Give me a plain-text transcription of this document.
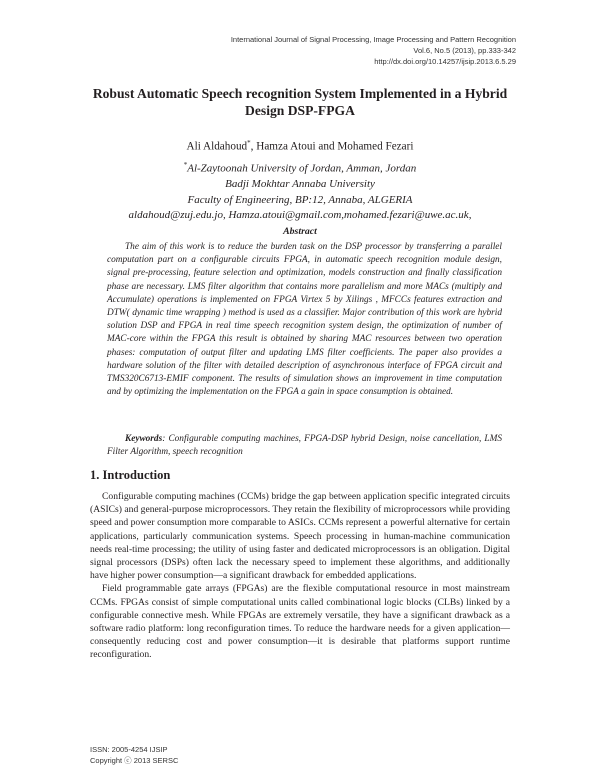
International Journal of Signal Processing, Image Processing and Pattern Recognition
Vol.6, No.5 (2013), pp.333-342
http://dx.doi.org/10.14257/ijsip.2013.6.5.29
Robust Automatic Speech recognition System Implemented in a Hybrid Design DSP-FPGA
Ali Aldahoud*, Hamza Atoui and Mohamed Fezari
*Al-Zaytoonah University of Jordan, Amman, Jordan
Badji Mokhtar Annaba University
Faculty of Engineering, BP:12, Annaba, ALGERIA
aldahoud@zuj.edu.jo, Hamza.atoui@gmail.com,mohamed.fezari@uwe.ac.uk,
Abstract

The aim of this work is to reduce the burden task on the DSP processor by transferring a parallel computation part on a configurable circuits FPGA, in automatic speech recognition module design, signal pre-processing, feature selection and optimization, models construction and finally classification phase are necessary. LMS filter algorithm that contains more parallelism and more MACs (multiply and Accumulate) operations is implemented on FPGA Virtex 5 by Xilings , MFCCs features extraction and DTW( dynamic time wrapping ) method is used as a classifier. Major contribution of this work are hybrid solution DSP and FPGA in real time speech recognition system design, the optimization of number of MAC-core within the FPGA this result is obtained by sharing MAC resources between two operation phases: computation of output filter and updating LMS filter coefficients. The paper also provides a hardware solution of the filter with detailed description of asynchronous interface of FPGA circuit and TMS320C6713-EMIF component. The results of simulation shows an improvement in time computation and by optimizing the implementation on the FPGA a gain in space consumption is obtained.

Keywords: Configurable computing machines, FPGA-DSP hybrid Design, noise cancellation, LMS Filter Algorithm, speech recognition

1. Introduction

Configurable computing machines (CCMs) bridge the gap between application specific integrated circuits (ASICs) and general-purpose microprocessors. They retain the flexibility of microprocessors while providing speed and power consumption more comparable to ASICs. CCMs represent a powerful alternative for certain applications, particularly communication systems. Speech processing in human-machine communication needs real-time processing; the utility of using faster and dedicated microprocessors is an obligation. Digital signal processors (DSPs) often lack the necessary speed to implement these algorithms, and additionally have higher power consumption—a significant drawback for embedded applications.

Field programmable gate arrays (FPGAs) are the flexible computational resource in most mainstream CCMs. FPGAs consist of simple computational units called combinational logic blocks (CLBs) linked by a configurable connective mesh. While FPGAs are extremely versatile, they have a significant drawback as a software radio platform: long reconfiguration times. To reduce the hardware needs for a given application—consequently reducing cost and power consumption—it is desirable that platforms support runtime reconfiguration.

ISSN: 2005-4254 IJSIP
Copyright ⓒ 2013 SERSC
